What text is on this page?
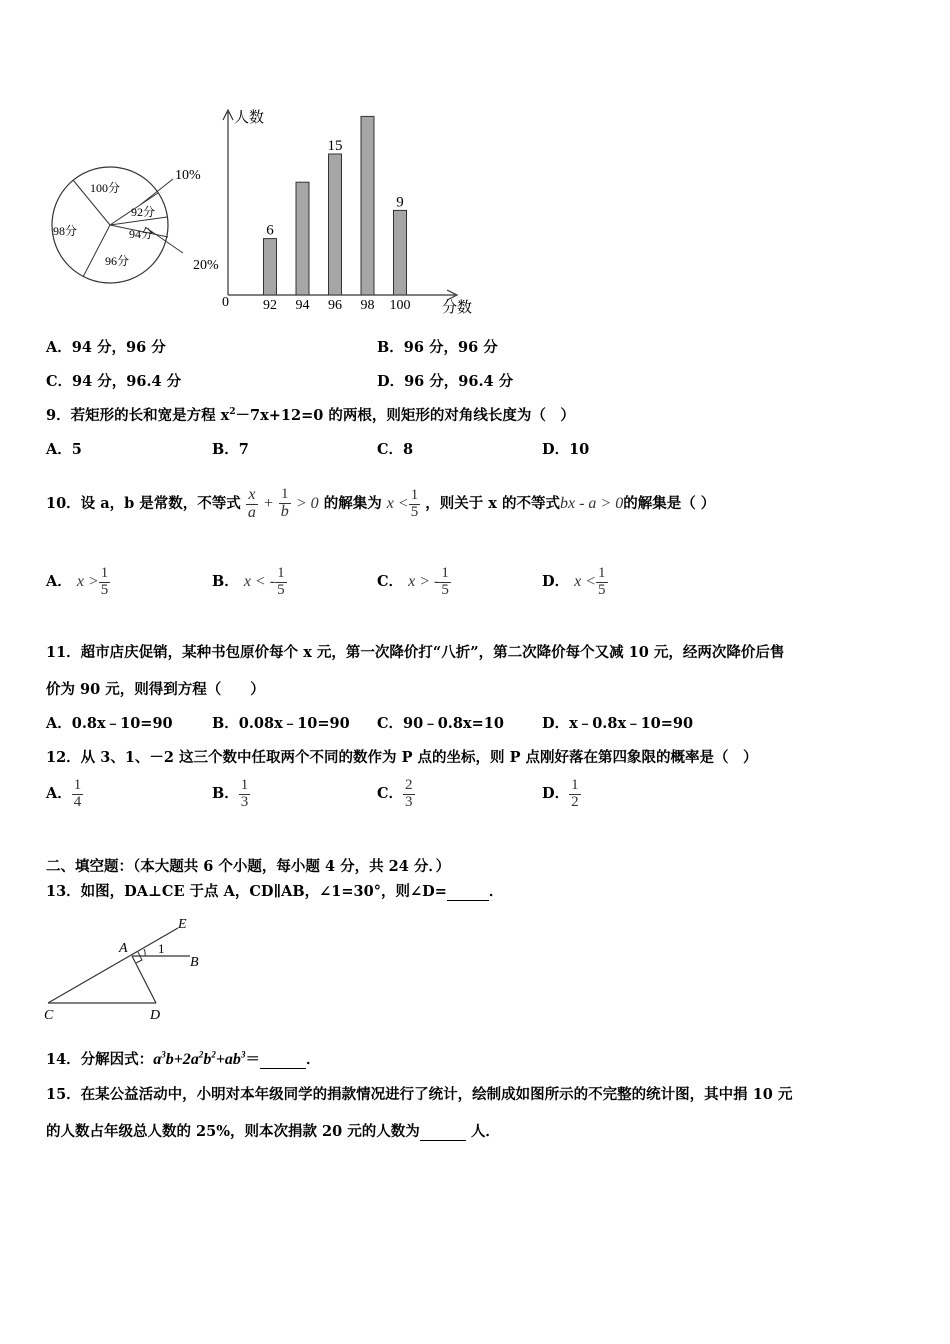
100分
92分
94分
96分
98分
10%
20%
人数
分数
0 92
6
94 96
15
98 100
9
A．94 分，96 分	B．96 分，96 分
C．94 分，96.4 分	D．96 分，96.4 分
9．若矩形的长和宽是方程 $x^2-7x+12=0$ 的两根，则矩形的对角线长度为（　）
A．5	B．7	C．8	D．10
10．设 a，b 是常数，不等式 $\frac{x}{a} + \frac{1}{b} > 0$ 的解集为 $x < \frac{1}{5}$ ，则关于 x 的不等式bx - a > 0的解集是（ ）
A． $x > \frac{1}{5}$	B． x < - $\frac{1}{5}$	C． x > - $\frac{1}{5}$	D． $x < \frac{1}{5}$
11．超市店庆促销，某种书包原价每个 x 元，第一次降价打“八折”，第二次降价每个又减 10 元，经两次降价后售
价为 90 元，则得到方程（　　）
A．0.8x﹣10=90	B．0.08x﹣10=90 C．90﹣0.8x=10	D．x﹣0.8x﹣10=90
12．从 3、1、－2 这三个数中任取两个不同的数作为 P 点的坐标，则 P 点刚好落在第四象限的概率是（　）
A． $\frac{1}{4}$	B． $\frac{1}{3}$	C． $\frac{2}{3}$	D． $\frac{1}{2}$
二、填空题：（本大题共 6 个小题，每小题 4 分，共 24 分．）
13．如图，DA⊥CE 于点 A，CD∥AB，∠1=30°，则∠D=	．
E
A 1
B
C	D
14．分解因式：$a^3b+2a^2b^2+ab^3=$	．
15．在某公益活动中，小明对本年级同学的捐款情况进行了统计，绘制成如图所示的不完整的统计图，其中捐 10 元
的人数占年级总人数的 25%，则本次捐款 20 元的人数为	人．
